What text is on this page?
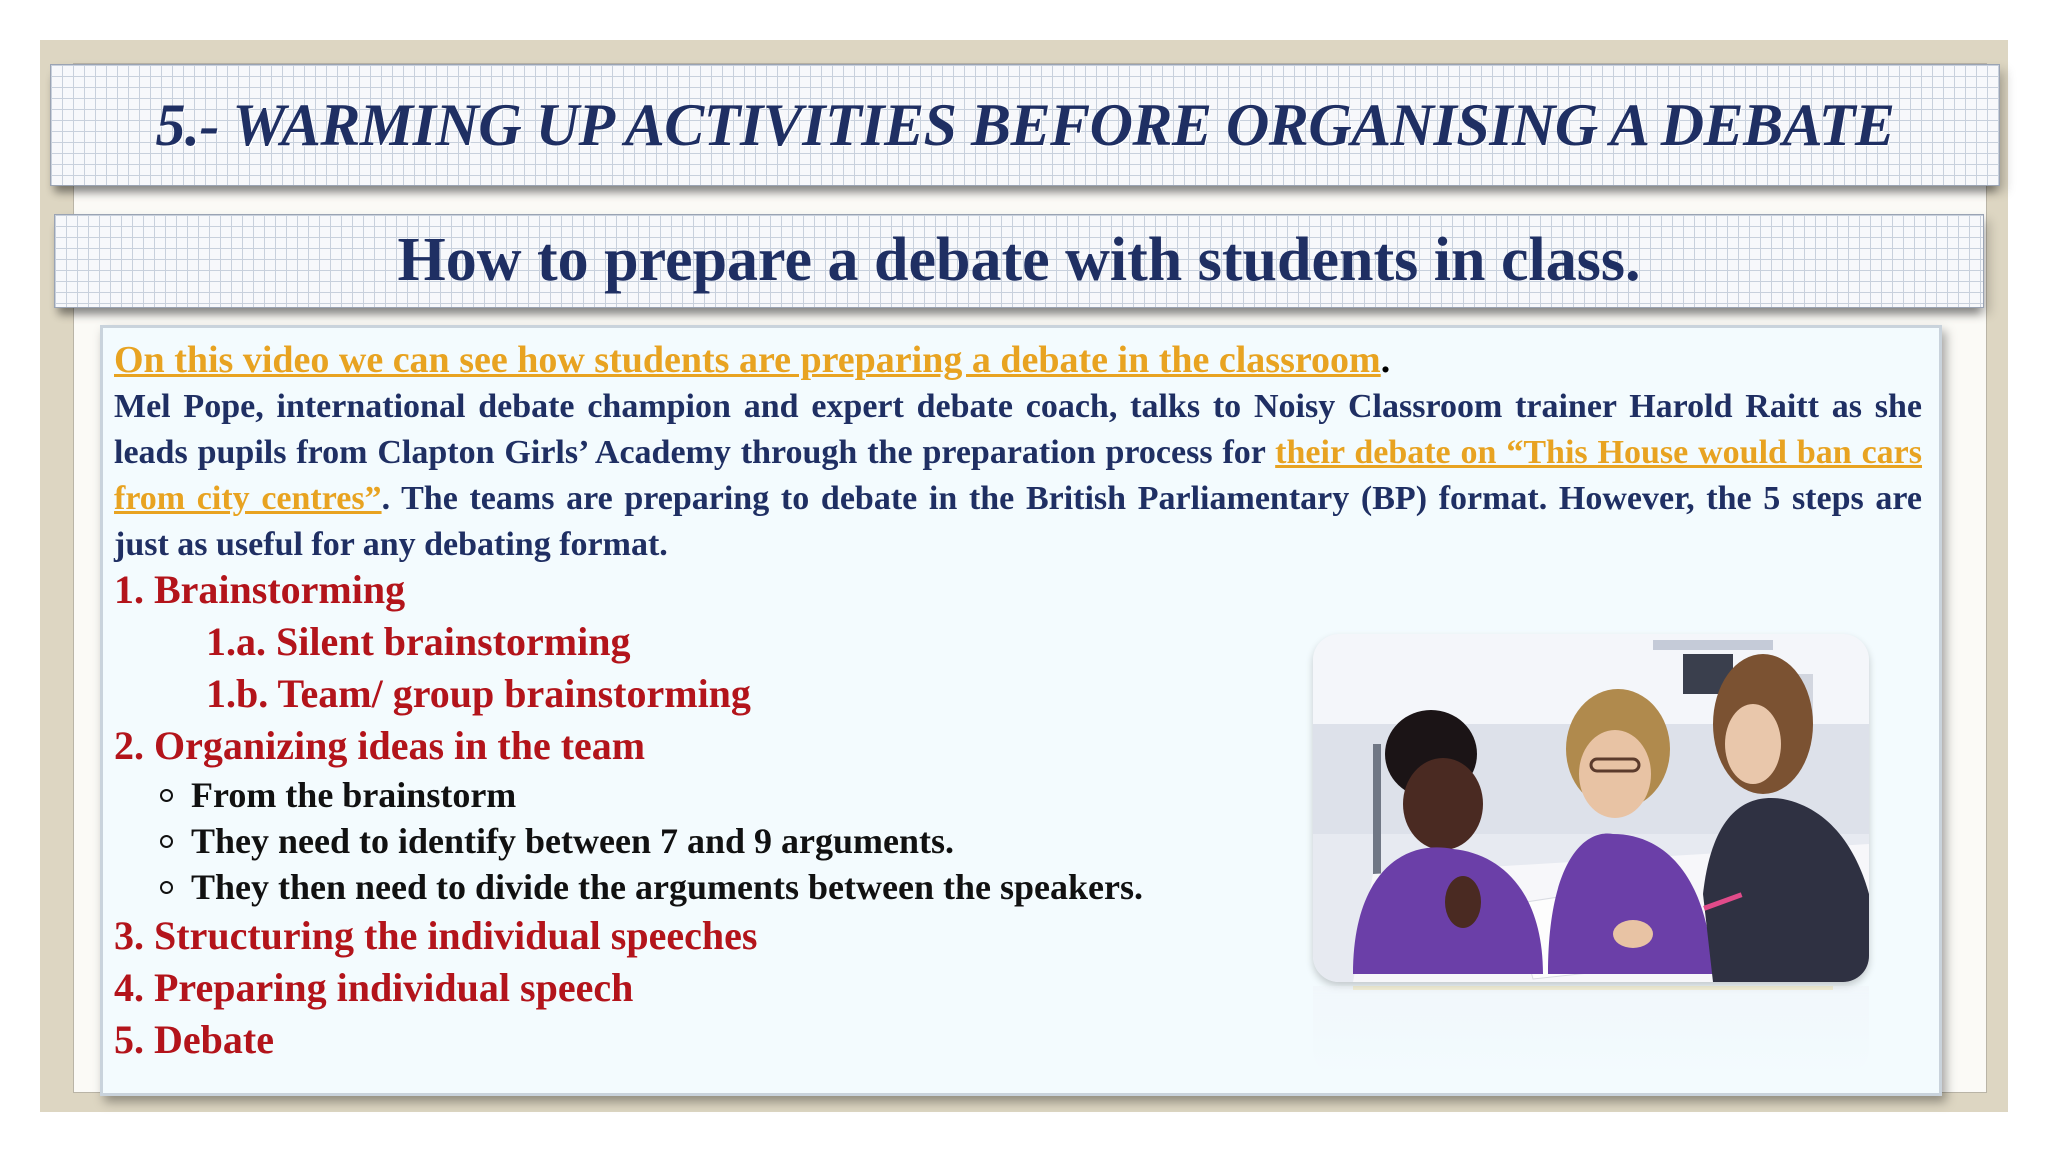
5.- WARMING UP ACTIVITIES BEFORE ORGANISING A DEBATE
How to prepare a debate with students in class.

On this video we can see how students are preparing a debate in the classroom.

Mel Pope, international debate champion and expert debate coach, talks to Noisy Classroom trainer Harold Raitt as she leads pupils from Clapton Girls’ Academy through the preparation process for their debate on “This House would ban cars from city centres”. The teams are preparing to debate in the British Parliamentary (BP) format. However, the 5 steps are just as useful for any debating format.

1. Brainstorming

1.a. Silent brainstorming

1.b. Team/ group brainstorming

2. Organizing ideas in the team

From the brainstorm
They need to identify between 7 and 9 arguments.
They then need to divide the arguments between the speakers.

3. Structuring the individual speeches

4. Preparing individual speech

5. Debate
